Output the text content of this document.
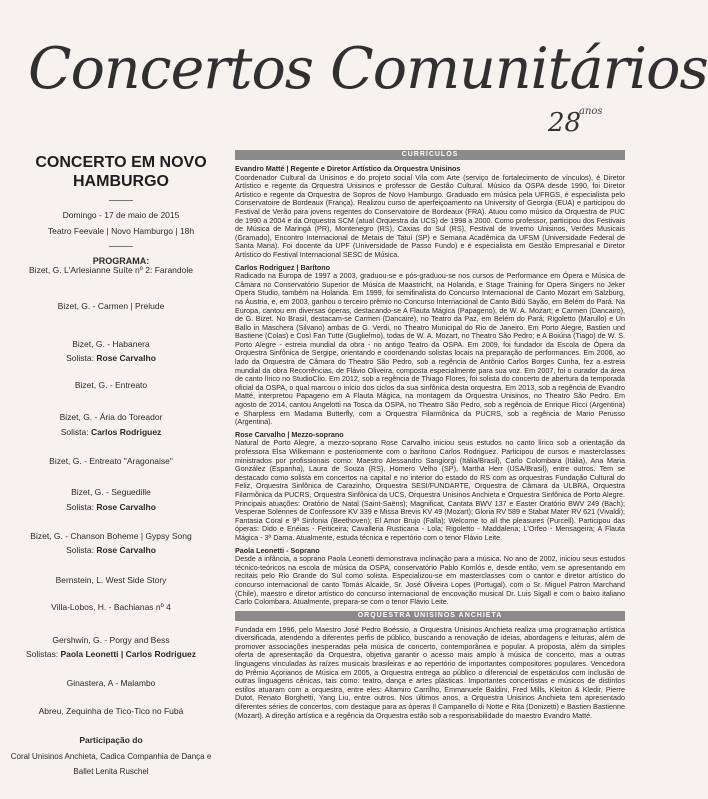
Concertos Comunitários
28
anos
CONCERTO EM NOVO HAMBURGO
Domingo - 17 de maio de 2015
Teatro Feevale | Novo Hamburgo | 18h
PROGRAMA:
Bizet, G. L'Arlesianne Suíte nº 2: Farandole
Bizet, G. - Carmen | Prelude
Bizet, G. - Habanera
Solista: Rose Carvalho
Bizet, G. - Entreato
Bizet, G. - Ária do Toreador
Solista: Carlos Rodriguez
Bizet, G. - Entreato "Aragonaise"
Bizet, G. - Seguedille
Solista: Rose Carvalho
Bizet, G. - Chanson Boheme | Gypsy Song
Solista: Rose Carvalho
Bernstein, L. West Side Story
Villa-Lobos, H. - Bachianas nº 4
Gershwin, G. - Porgy and Bess
Solistas: Paola Leonetti | Carlos Rodriguez
Ginastera, A - Malambo
Abreu, Zequinha de Tico-Tico no Fubá
Participação do
Coral Unisinos Anchieta, Cadica Companhia de Dança e
Ballet Lenita Ruschel
CURRÍCULOS
Evandro Matté | Regente e Diretor Artístico da Orquestra Unisinos

Coordenador Cultural da Unisinos e do projeto social Vila com Arte (serviço de fortalecimento de vínculos), é Diretor Artístico e regente da Orquestra Unisinos e professor de Gestão Cultural. Músico da OSPA desde 1990, foi Diretor Artístico e regente da Orquestra de Sopros de Novo Hamburgo. Graduado em música pela UFRGS, é especialista pelo Conservatoire de Bordeaux (França). Realizou curso de aperfeiçoamento na University of Georgia (EUA) e participou do Festival de Verão para jovens regentes do Conservatoire de Bordeaux (FRA). Atuou como músico da Orquestra de PUC de 1990 a 2004 e da Orquestra SCM (atual Orquestra da UCS) de 1998 a 2000. Como professor, participou dos Festivais de Música de Maringá (PR), Montenegro (RS), Caxias do Sul (RS), Festival de Inverno Unisinos, Verões Musicais (Gramado), Encontro Internacional de Metais de Tatuí (SP) e Semana Acadêmica da UFSM (Universidade Federal de Santa Maria). Foi docente da UPF (Universidade de Passo Fundo) e é especialista em Gestão Empresarial e Diretor Artístico do Festival Internacional SESC de Música.

Carlos Rodriguez | Barítono

Radicado na Europa de 1997 a 2003, graduou-se e pós-graduou-se nos cursos de Performance em Ópera e Música de Câmara no Conservatório Superior de Música de Maastricht, na Holanda, e Stage Training for Opera Singers no Jeker Opera Studio, também na Holanda. Em 1999, foi semifinalista do Concurso Internacional de Canto Mozart em Salzburg, na Áustria, e, em 2003, ganhou o terceiro prêmio no Concurso Internacional de Canto Bidú Sayão, em Belém do Pará. Na Europa, cantou em diversas óperas, destacando-se A Flauta Mágica (Papageno), de W. A. Mozart; e Carmen (Dancairo), de G. Bizet. No Brasil, destacam-se Carmen (Dancaire), no Teatro da Paz, em Belém do Pará; Rigoletto (Marullo) e Un Ballo in Maschera (Silvano) ambas de G. Verdi, no Theatro Municipal do Rio de Janeiro. Em Porto Alegre, Bastien und Bastiene (Colas) e Così Fan Tutte (Guglielmo), todas de W. A. Mozart, no Theatro São Pedro; e A Boiúna (Tiago) de W. S. Porto Alegre - estreia mundial da obra - no antigo Teatro da OSPA. Em 2009, foi fundador da Escola de Ópera da Orquestra Sinfônica de Sergipe, orientando e coordenando solistas locais na preparação de performances. Em 2006, ao lado da Orquestra de Câmara do Theatro São Pedro, sob a regência de Antônio Carlos Borges Cunha, fez a estreia mundial da obra Recorrências, de Flávio Oliveira, composta especialmente para sua voz. Em 2007, foi o curador da área de canto lírico no StudioClio. Em 2012, sob a regência de Thiago Flores, foi solista do concerto de abertura da temporada oficial da OSPA, o qual marcou o início dos ciclos da sua sinfônica desta orquestra. Em 2013, sob a regência de Evandro Matté, interpretou Papageno em A Flauta Mágica, na montagem da Orquestra Unisinos, no Theatro São Pedro. Em agosto de 2014, cantou Angelotti na Tosca da OSPA, no Theatro São Pedro, sob a regência de Enrique Ricci (Argentina) e Sharpless em Madama Butterfly, com a Orquestra Filarmônica da PUCRS, sob a regência de Mario Perusso (Argentina).

Rose Carvalho | Mezzo-soprano

Natural de Porto Alegre, a mezzo-soprano Rose Carvalho iniciou seus estudos no canto lírico sob a orientação da professora Elsa Wilkemann e posteriormente com o barítono Carlos Rodriguez. Participou de cursos e masterclasses ministrados por profissionais como: Maestro Alessandro Sangiorgi (Itália/Brasil), Carlo Colombara (Itália), Ana Maria González (Espanha), Laura de Souza (RS), Homero Velho (SP), Martha Herr (USA/Brasil), entre outros. Tem se destacado como solista em concertos na capital e no interior do estado do RS com as orquestras Fundação Cultural do Feliz, Orquestra Sinfônica de Carazinho, Orquestra SESI/FUNDARTE, Orquestra de Câmara da ULBRA, Orquestra Filarmônica da PUCRS, Orquestra Sinfônica da UCS, Orquestra Unisinos Anchieta e Orquestra Sinfônica de Porto Alegre. Principais atuações: Oratório de Natal (Saint-Saëns); Magnificat, Cantata BWV 137 e Easter Oratório BWV 249 (Bach); Vesperae Solennes de Confessore KV 339 e Missa Brevis KV 49 (Mozart); Gloria RV 589 e Stabat Mater RV 621 (Vivaldi); Fantasia Coral e 9ª Sinfonia (Beethoven); El Amor Brujo (Falla); Welcome to all the pleasures (Purcell). Participou das óperas: Dido e Enéias - Feiticeira; Cavalleria Rusticana - Lola; Rigoletto - Maddalena; L'Orfeo - Mensageira; A Flauta Mágica - 3ª Dama. Atualmente, estuda técnica e repertório com o tenor Flávio Leite.

Paola Leonetti - Soprano

Desde a infância, a soprano Paola Leonetti demonstrava inclinação para a música. No ano de 2002, iniciou seus estudos técnico-teóricos na escola de música da OSPA, conservatório Pablo Komlós e, desde então, vem se apresentando em recitais pelo Rio Grande do Sul como solista. Especializou-se em masterclasses com o cantor e diretor artístico do concurso internacional de canto Tomás Alcaide, Sr. José Oliveira Lopes (Portugal), com o Sr. Miguel Patron Marchand (Chile), maestro e diretor artístico do concurso internacional de encovação musical Dr. Luis Sigall e com o baixo italiano Carlo Colombara. Atualmente, prepara-se com o tenor Flávio Leite.

ORQUESTRA UNISINOS ANCHIETA

Fundada em 1996, pelo Maestro José Pedro Boéssio, a Orquestra Unisinos Anchieta realiza uma programação artística diversificada, atendendo a diferentes perfis de público, buscando a renovação de ideias, abordagens e leituras, além de promover associações inesperadas pela música de concerto, contemporânea e popular. A proposta, além da simples oferta de apresentação da Orquestra, objetiva garantir o acesso mais amplo à música de concerto, mas a outras linguagens vinculadas às raízes musicais brasileiras e ao repertório de importantes compositores populares. Vencedora do Prêmio Açorianos de Música em 2005, a Orquestra entrega ao público o diferencial de espetáculos com inclusão de outras linguagens cênicas, tais como: teatro, dança e artes plásticas. Importantes concertistas e músicos de distintos estilos atuaram com a orquestra, entre eles: Altamiro Carrilho, Emmanuele Baldini, Fred Mills, Kleiton & Kledir, Pierre Dutot, Renato Borghetti, Yang Liu, entre outros. Nos últimos anos, a Orquestra Unisinos Anchieta tem apresentado diferentes séries de concertos, com destaque para as óperas Il Campanello di Notte e Rita (Donizetti) e Bastien Bastienne (Mozart). A direção artística e a regência da Orquestra estão sob a responsabilidade do maestro Evandro Matté.
